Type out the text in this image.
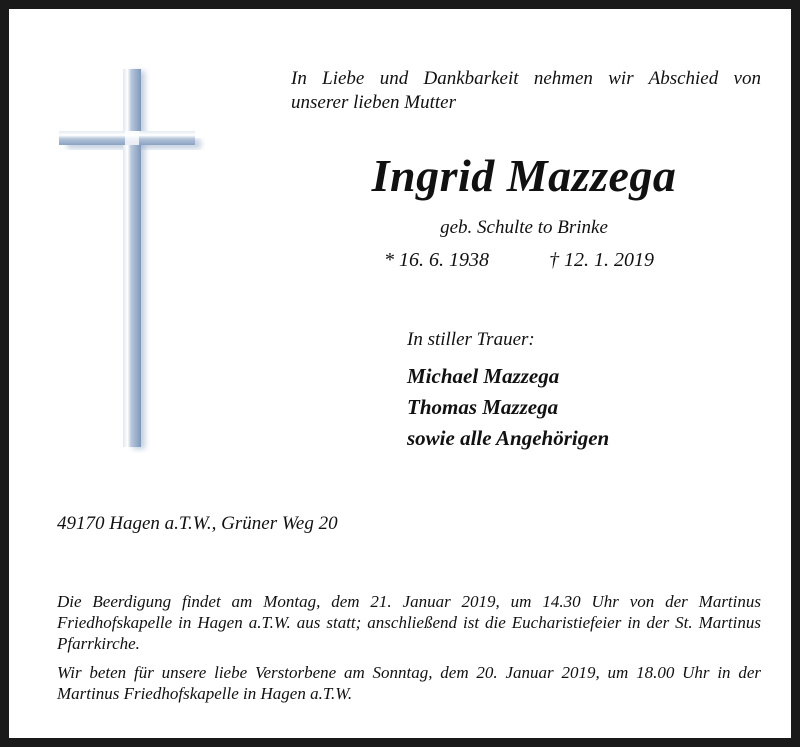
In Liebe und Dankbarkeit nehmen wir Abschied von
unserer lieben Mutter
Ingrid Mazzega
geb. Schulte to Brinke
* 16. 6. 1938	† 12. 1. 2019
In stiller Trauer:
Michael Mazzega
Thomas Mazzega
sowie alle Angehörigen
49170 Hagen a.T.W., Grüner Weg 20
Die Beerdigung findet am Montag, dem 21. Januar 2019, um 14.30 Uhr von der Martinus Friedhofskapelle in Hagen a.T.W. aus statt; anschließend ist die Eucharistiefeier in der St. Martinus Pfarrkirche.
Wir beten für unsere liebe Verstorbene am Sonntag, dem 20. Januar 2019, um 18.00 Uhr in der Martinus Friedhofskapelle in Hagen a.T.W.
